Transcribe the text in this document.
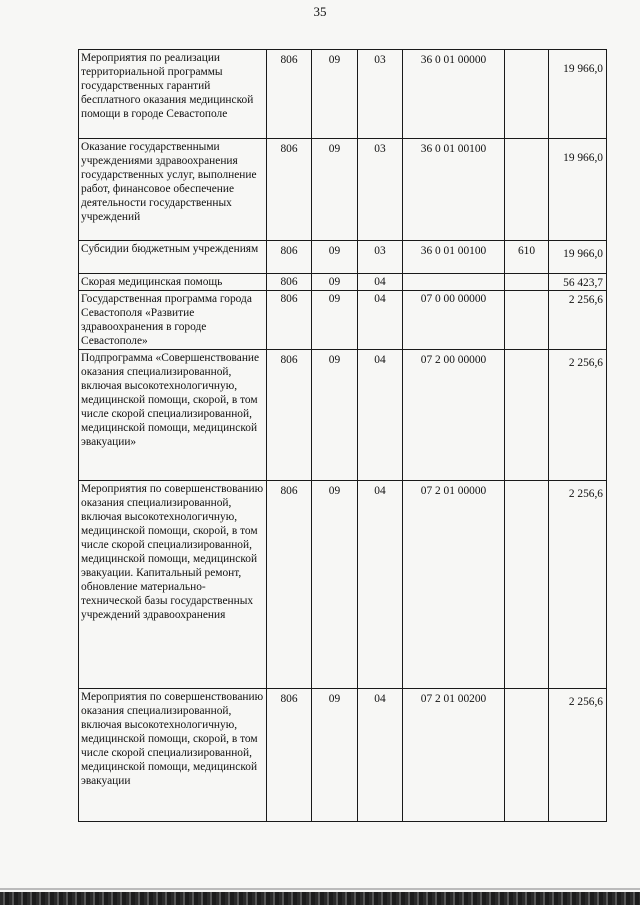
35
Мероприятия по реализации территориальной программы государственных гарантий бесплатного оказания медицинской помощи в городе Севастополе	806	09	03	36 0 01 00000		19 966,0
Оказание государственными учреждениями здравоохранения государственных услуг, выполнение работ, финансовое обеспечение деятельности государственных учреждений	806	09	03	36 0 01 00100		19 966,0
Субсидии бюджетным учреждениям	806	09	03	36 0 01 00100	610	19 966,0
Скорая медицинская помощь	806	09	04			56 423,7
Государственная программа города Севастополя «Развитие здравоохранения в городе Севастополе»	806	09	04	07 0 00 00000		2 256,6
Подпрограмма «Совершенствование оказания специализированной, включая высокотехнологичную, медицинской помощи, скорой, в том числе скорой специализированной, медицинской помощи, медицинской эвакуации»	806	09	04	07 2 00 00000		2 256,6
Мероприятия по совершенствованию оказания специализированной, включая высокотехнологичную, медицинской помощи, скорой, в том числе скорой специализированной, медицинской помощи, медицинской эвакуации. Капитальный ремонт, обновление материально-технической базы государственных учреждений здравоохранения	806	09	04	07 2 01 00000		2 256,6
Мероприятия по совершенствованию оказания специализированной, включая высокотехнологичную, медицинской помощи, скорой, в том числе скорой специализированной, медицинской помощи, медицинской эвакуации	806	09	04	07 2 01 00200		2 256,6
